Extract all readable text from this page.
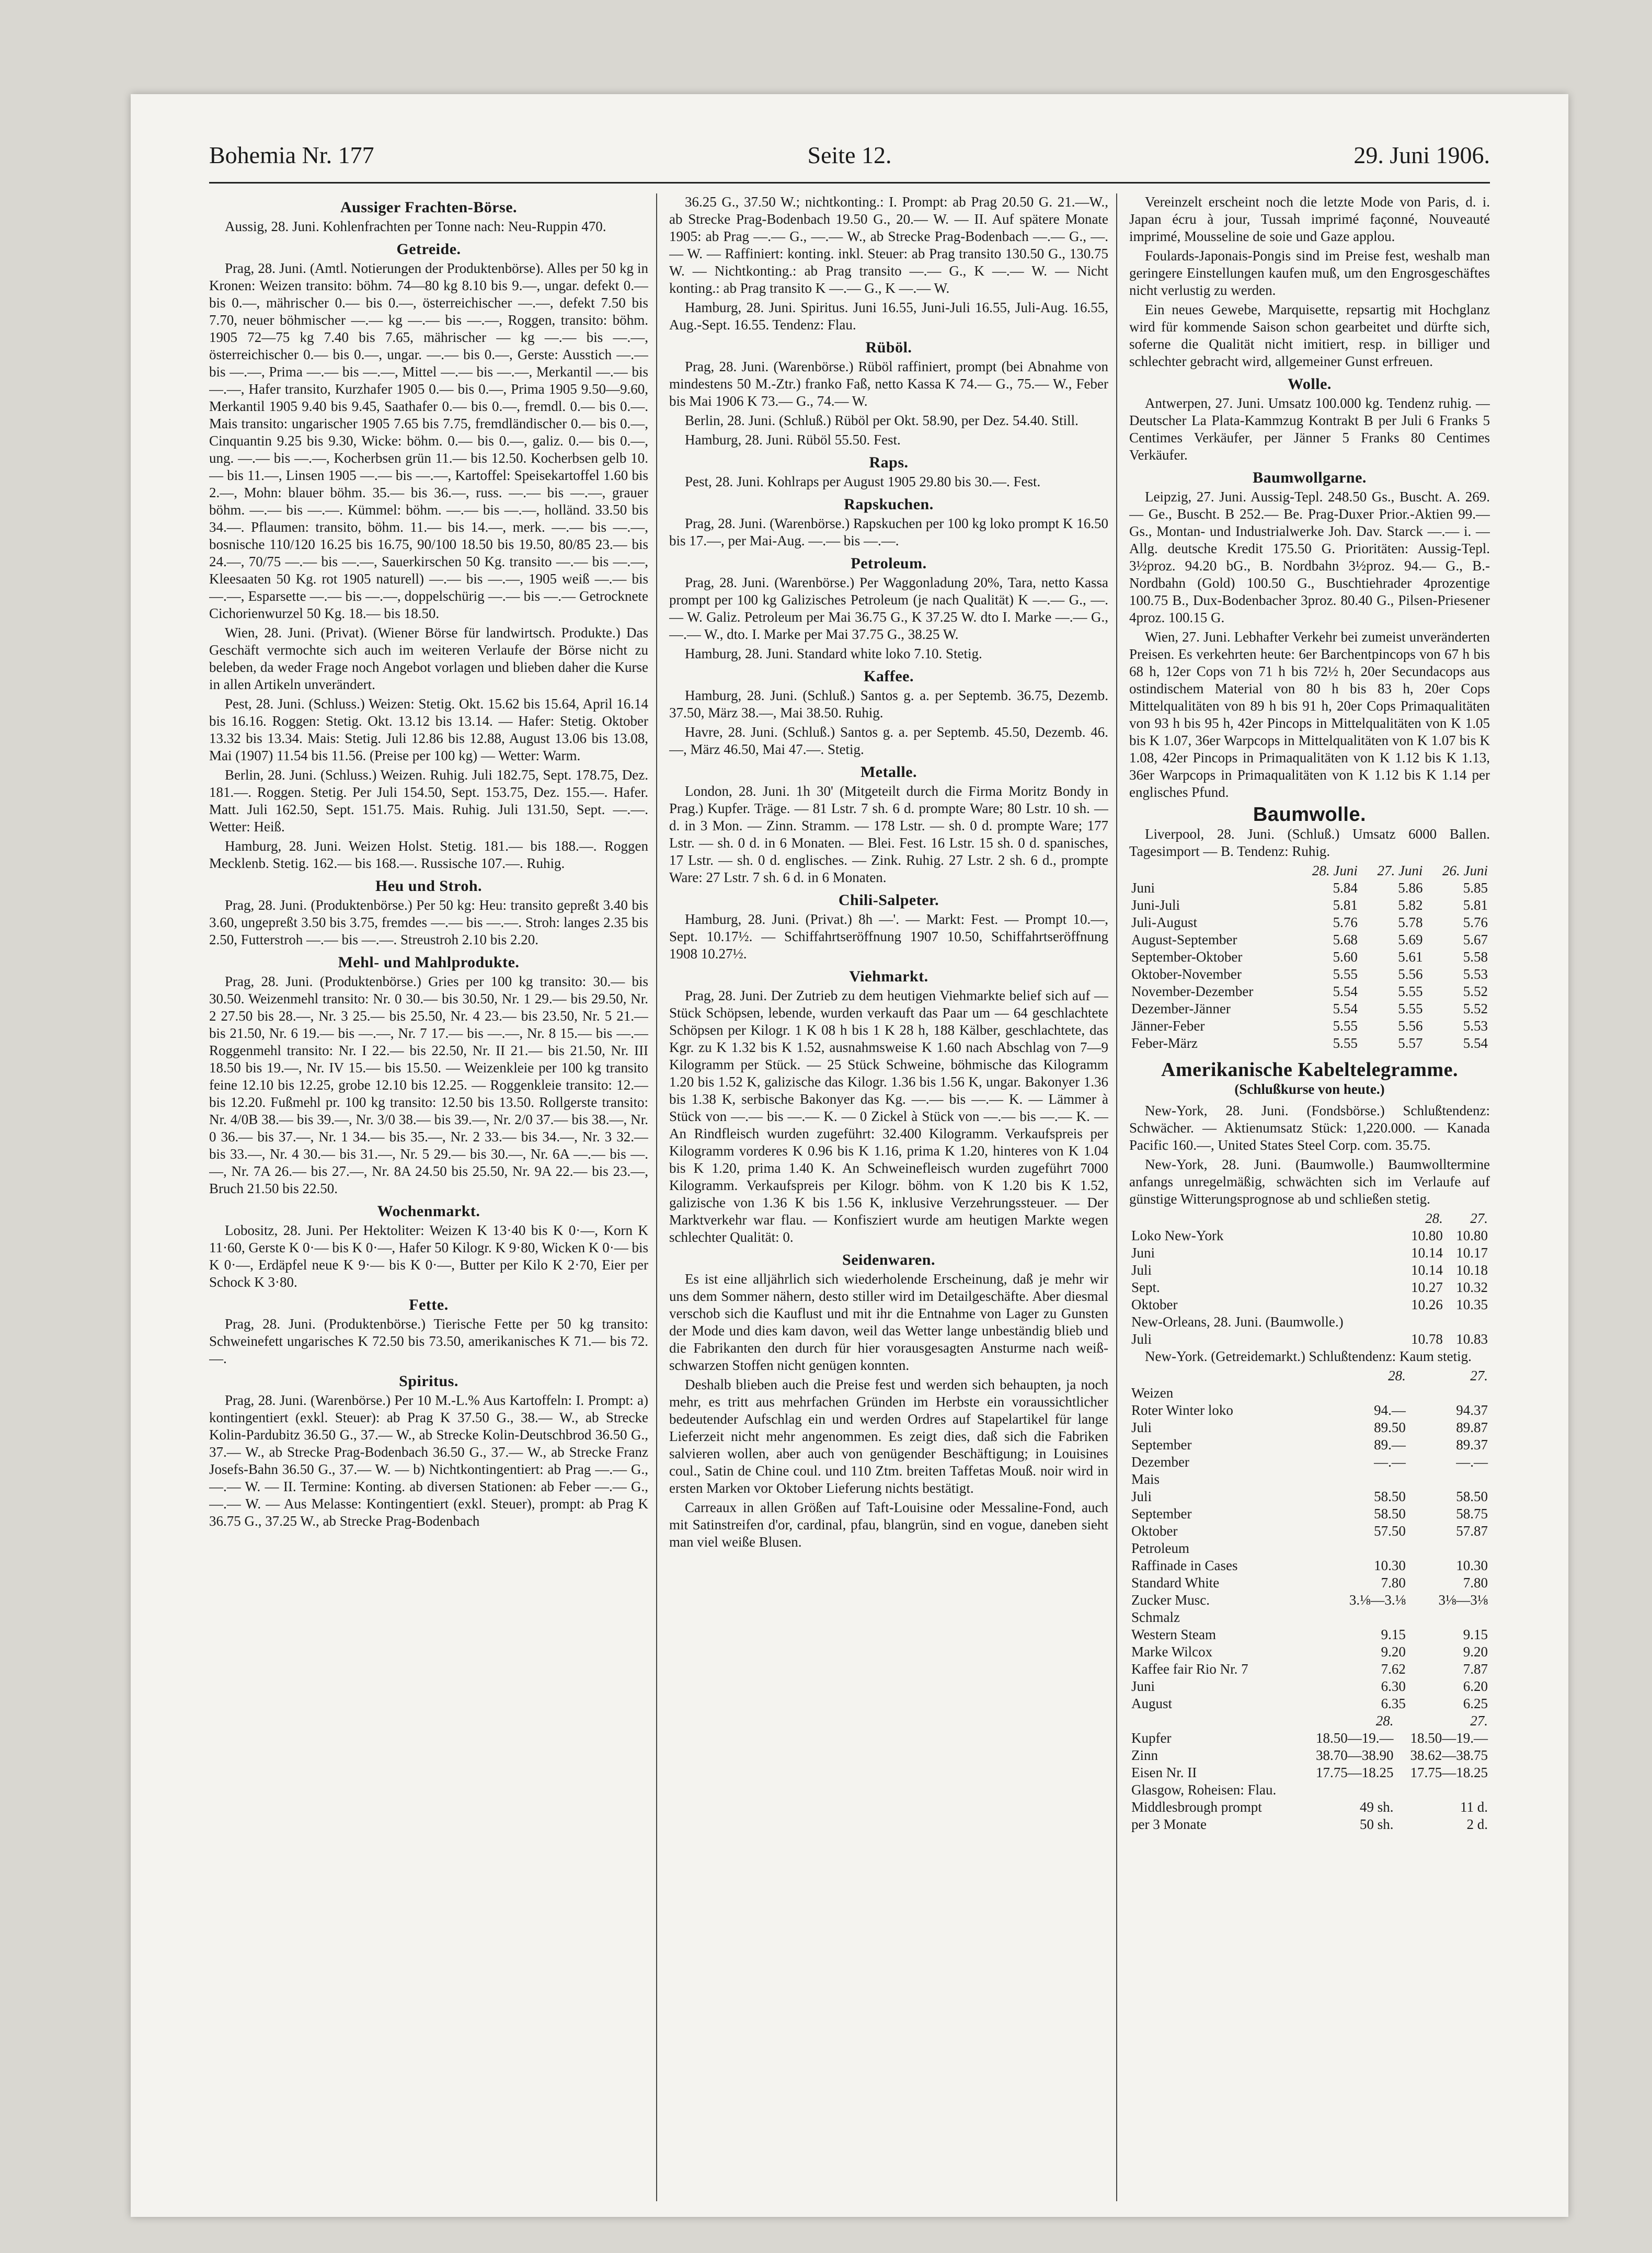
Bohemia Nr. 177	Seite 12.	29. Juni 1906.
Aussiger Frachten-Börse.

Aussig, 28. Juni. Kohlenfrachten per Tonne nach: Neu-Ruppin 470.

Getreide.

Prag, 28. Juni. (Amtl. Notierungen der Produktenbörse). Alles per 50 kg in Kronen: Weizen transito: böhm. 74—80 kg 8.10 bis 9.—, ungar. defekt 0.— bis 0.—, mährischer 0.— bis 0.—, österreichischer —.—, defekt 7.50 bis 7.70, neuer böhmischer —.— kg —.— bis —.—, Roggen, transito: böhm. 1905 72—75 kg 7.40 bis 7.65, mährischer — kg —.— bis —.—, österreichischer 0.— bis 0.—, ungar. —.— bis 0.—, Gerste: Ausstich —.— bis —.—, Prima —.— bis —.—, Mittel —.— bis —.—, Merkantil —.— bis —.—, Hafer transito, Kurzhafer 1905 0.— bis 0.—, Prima 1905 9.50—9.60, Merkantil 1905 9.40 bis 9.45, Saathafer 0.— bis 0.—, fremdl. 0.— bis 0.—. Mais transito: ungarischer 1905 7.65 bis 7.75, fremdländischer 0.— bis 0.—, Cinquantin 9.25 bis 9.30, Wicke: böhm. 0.— bis 0.—, galiz. 0.— bis 0.—, ung. —.— bis —.—, Kocherbsen grün 11.— bis 12.50. Kocherbsen gelb 10.— bis 11.—, Linsen 1905 —.— bis —.—, Kartoffel: Speisekartoffel 1.60 bis 2.—, Mohn: blauer böhm. 35.— bis 36.—, russ. —.— bis —.—, grauer böhm. —.— bis —.—. Kümmel: böhm. —.— bis —.—, holländ. 33.50 bis 34.—. Pflaumen: transito, böhm. 11.— bis 14.—, merk. —.— bis —.—, bosnische 110/120 16.25 bis 16.75, 90/100 18.50 bis 19.50, 80/85 23.— bis 24.—, 70/75 —.— bis —.—, Sauerkirschen 50 Kg. transito —.— bis —.—, Kleesaaten 50 Kg. rot 1905 naturell) —.— bis —.—, 1905 weiß —.— bis —.—, Esparsette —.— bis —.—, doppelschürig —.— bis —.— Getrocknete Cichorienwurzel 50 Kg. 18.— bis 18.50.

Wien, 28. Juni. (Privat). (Wiener Börse für landwirtsch. Produkte.) Das Geschäft vermochte sich auch im weiteren Verlaufe der Börse nicht zu beleben, da weder Frage noch Angebot vorlagen und blieben daher die Kurse in allen Artikeln unverändert.

Pest, 28. Juni. (Schluss.) Weizen: Stetig. Okt. 15.62 bis 15.64, April 16.14 bis 16.16. Roggen: Stetig. Okt. 13.12 bis 13.14. — Hafer: Stetig. Oktober 13.32 bis 13.34. Mais: Stetig. Juli 12.86 bis 12.88, August 13.06 bis 13.08, Mai (1907) 11.54 bis 11.56. (Preise per 100 kg) — Wetter: Warm.

Berlin, 28. Juni. (Schluss.) Weizen. Ruhig. Juli 182.75, Sept. 178.75, Dez. 181.—. Roggen. Stetig. Per Juli 154.50, Sept. 153.75, Dez. 155.—. Hafer. Matt. Juli 162.50, Sept. 151.75. Mais. Ruhig. Juli 131.50, Sept. —.—. Wetter: Heiß.

Hamburg, 28. Juni. Weizen Holst. Stetig. 181.— bis 188.—. Roggen Mecklenb. Stetig. 162.— bis 168.—. Russische 107.—. Ruhig.

Heu und Stroh.

Prag, 28. Juni. (Produktenbörse.) Per 50 kg: Heu: transito gepreßt 3.40 bis 3.60, ungepreßt 3.50 bis 3.75, fremdes —.— bis —.—. Stroh: langes 2.35 bis 2.50, Futterstroh —.— bis —.—. Streustroh 2.10 bis 2.20.

Mehl- und Mahlprodukte.

Prag, 28. Juni. (Produktenbörse.) Gries per 100 kg transito: 30.— bis 30.50. Weizenmehl transito: Nr. 0 30.— bis 30.50, Nr. 1 29.— bis 29.50, Nr. 2 27.50 bis 28.—, Nr. 3 25.— bis 25.50, Nr. 4 23.— bis 23.50, Nr. 5 21.— bis 21.50, Nr. 6 19.— bis —.—, Nr. 7 17.— bis —.—, Nr. 8 15.— bis —.— Roggenmehl transito: Nr. I 22.— bis 22.50, Nr. II 21.— bis 21.50, Nr. III 18.50 bis 19.—, Nr. IV 15.— bis 15.50. — Weizenkleie per 100 kg transito feine 12.10 bis 12.25, grobe 12.10 bis 12.25. — Roggenkleie transito: 12.— bis 12.20. Fußmehl pr. 100 kg transito: 12.50 bis 13.50. Rollgerste transito: Nr. 4/0B 38.— bis 39.—, Nr. 3/0 38.— bis 39.—, Nr. 2/0 37.— bis 38.—, Nr. 0 36.— bis 37.—, Nr. 1 34.— bis 35.—, Nr. 2 33.— bis 34.—, Nr. 3 32.— bis 33.—, Nr. 4 30.— bis 31.—, Nr. 5 29.— bis 30.—, Nr. 6A —.— bis —.—, Nr. 7A 26.— bis 27.—, Nr. 8A 24.50 bis 25.50, Nr. 9A 22.— bis 23.—, Bruch 21.50 bis 22.50.

Wochenmarkt.

Lobositz, 28. Juni. Per Hektoliter: Weizen K 13·40 bis K 0·—, Korn K 11·60, Gerste K 0·— bis K 0·—, Hafer 50 Kilogr. K 9·80, Wicken K 0·— bis K 0·—, Erdäpfel neue K 9·— bis K 0·—, Butter per Kilo K 2·70, Eier per Schock K 3·80.

Fette.

Prag, 28. Juni. (Produktenbörse.) Tierische Fette per 50 kg transito: Schweinefett ungarisches K 72.50 bis 73.50, amerikanisches K 71.— bis 72.—.

Spiritus.

Prag, 28. Juni. (Warenbörse.) Per 10 M.-L.% Aus Kartoffeln: I. Prompt: a) kontingentiert (exkl. Steuer): ab Prag K 37.50 G., 38.— W., ab Strecke Kolin-Pardubitz 36.50 G., 37.— W., ab Strecke Kolin-Deutschbrod 36.50 G., 37.— W., ab Strecke Prag-Bodenbach 36.50 G., 37.— W., ab Strecke Franz Josefs-Bahn 36.50 G., 37.— W. — b) Nichtkontingentiert: ab Prag —.— G., —.— W. — II. Termine: Konting. ab diversen Stationen: ab Feber —.— G., —.— W. — Aus Melasse: Kontingentiert (exkl. Steuer), prompt: ab Prag K 36.75 G., 37.25 W., ab Strecke Prag-Bodenbach

36.25 G., 37.50 W.; nichtkonting.: I. Prompt: ab Prag 20.50 G. 21.—W., ab Strecke Prag-Bodenbach 19.50 G., 20.— W. — II. Auf spätere Monate 1905: ab Prag —.— G., —.— W., ab Strecke Prag-Bodenbach —.— G., —.— W. — Raffiniert: konting. inkl. Steuer: ab Prag transito 130.50 G., 130.75 W. — Nichtkonting.: ab Prag transito —.— G., K —.— W. — Nicht konting.: ab Prag transito K —.— G., K —.— W.

Hamburg, 28. Juni. Spiritus. Juni 16.55, Juni-Juli 16.55, Juli-Aug. 16.55, Aug.-Sept. 16.55. Tendenz: Flau.

Rüböl.

Prag, 28. Juni. (Warenbörse.) Rüböl raffiniert, prompt (bei Abnahme von mindestens 50 M.-Ztr.) franko Faß, netto Kassa K 74.— G., 75.— W., Feber bis Mai 1906 K 73.— G., 74.— W.

Berlin, 28. Juni. (Schluß.) Rüböl per Okt. 58.90, per Dez. 54.40. Still.

Hamburg, 28. Juni. Rüböl 55.50. Fest.

Raps.

Pest, 28. Juni. Kohlraps per August 1905 29.80 bis 30.—. Fest.

Rapskuchen.

Prag, 28. Juni. (Warenbörse.) Rapskuchen per 100 kg loko prompt K 16.50 bis 17.—, per Mai-Aug. —.— bis —.—.

Petroleum.

Prag, 28. Juni. (Warenbörse.) Per Waggonladung 20%, Tara, netto Kassa prompt per 100 kg Galizisches Petroleum (je nach Qualität) K —.— G., —.— W. Galiz. Petroleum per Mai 36.75 G., K 37.25 W. dto I. Marke —.— G., —.— W., dto. I. Marke per Mai 37.75 G., 38.25 W.

Hamburg, 28. Juni. Standard white loko 7.10. Stetig.

Kaffee.

Hamburg, 28. Juni. (Schluß.) Santos g. a. per Septemb. 36.75, Dezemb. 37.50, März 38.—, Mai 38.50. Ruhig.

Havre, 28. Juni. (Schluß.) Santos g. a. per Septemb. 45.50, Dezemb. 46.—, März 46.50, Mai 47.—. Stetig.

Metalle.

London, 28. Juni. 1h 30' (Mitgeteilt durch die Firma Moritz Bondy in Prag.) Kupfer. Träge. — 81 Lstr. 7 sh. 6 d. prompte Ware; 80 Lstr. 10 sh. — d. in 3 Mon. — Zinn. Stramm. — 178 Lstr. — sh. 0 d. prompte Ware; 177 Lstr. — sh. 0 d. in 6 Monaten. — Blei. Fest. 16 Lstr. 15 sh. 0 d. spanisches, 17 Lstr. — sh. 0 d. englisches. — Zink. Ruhig. 27 Lstr. 2 sh. 6 d., prompte Ware: 27 Lstr. 7 sh. 6 d. in 6 Monaten.

Chili-Salpeter.

Hamburg, 28. Juni. (Privat.) 8h —'. — Markt: Fest. — Prompt 10.—, Sept. 10.17½. — Schiffahrtseröffnung 1907 10.50, Schiffahrtseröffnung 1908 10.27½.

Viehmarkt.

Prag, 28. Juni. Der Zutrieb zu dem heutigen Viehmarkte belief sich auf — Stück Schöpsen, lebende, wurden verkauft das Paar um — 64 geschlachtete Schöpsen per Kilogr. 1 K 08 h bis 1 K 28 h, 188 Kälber, geschlachtete, das Kgr. zu K 1.32 bis K 1.52, ausnahmsweise K 1.60 nach Abschlag von 7—9 Kilogramm per Stück. — 25 Stück Schweine, böhmische das Kilogramm 1.20 bis 1.52 K, galizische das Kilogr. 1.36 bis 1.56 K, ungar. Bakonyer 1.36 bis 1.38 K, serbische Bakonyer das Kg. —.— bis —.— K. — Lämmer à Stück von —.— bis —.— K. — 0 Zickel à Stück von —.— bis —.— K. — An Rindfleisch wurden zugeführt: 32.400 Kilogramm. Verkaufspreis per Kilogramm vorderes K 0.96 bis K 1.16, prima K 1.20, hinteres von K 1.04 bis K 1.20, prima 1.40 K. An Schweinefleisch wurden zugeführt 7000 Kilogramm. Verkaufspreis per Kilogr. böhm. von K 1.20 bis K 1.52, galizische von 1.36 K bis 1.56 K, inklusive Verzehrungssteuer. — Der Marktverkehr war flau. — Konfisziert wurde am heutigen Markte wegen schlechter Qualität: 0.

Seidenwaren.

Es ist eine alljährlich sich wiederholende Erscheinung, daß je mehr wir uns dem Sommer nähern, desto stiller wird im Detailgeschäfte. Aber diesmal verschob sich die Kauflust und mit ihr die Entnahme von Lager zu Gunsten der Mode und dies kam davon, weil das Wetter lange unbeständig blieb und die Fabrikanten den durch für hier vorausgesagten Ansturme nach weiß-schwarzen Stoffen nicht genügen konnten.

Deshalb blieben auch die Preise fest und werden sich behaupten, ja noch mehr, es tritt aus mehrfachen Gründen im Herbste ein voraussichtlicher bedeutender Aufschlag ein und werden Ordres auf Stapelartikel für lange Lieferzeit nicht mehr angenommen. Es zeigt dies, daß sich die Fabriken salvieren wollen, aber auch von genügender Beschäftigung; in Louisines coul., Satin de Chine coul. und 110 Ztm. breiten Taffetas Mouß. noir wird in ersten Marken vor Oktober Lieferung nichts bestätigt.

Carreaux in allen Größen auf Taft-Louisine oder Messaline-Fond, auch mit Satinstreifen d'or, cardinal, pfau, blangrün, sind en vogue, daneben sieht man viel weiße Blusen.

Vereinzelt erscheint noch die letzte Mode von Paris, d. i. Japan écru à jour, Tussah imprimé façonné, Nouveauté imprimé, Mousseline de soie und Gaze applou.

Foulards-Japonais-Pongis sind im Preise fest, weshalb man geringere Einstellungen kaufen muß, um den Engrosgeschäftes nicht verlustig zu werden.

Ein neues Gewebe, Marquisette, repsartig mit Hochglanz wird für kommende Saison schon gearbeitet und dürfte sich, soferne die Qualität nicht imitiert, resp. in billiger und schlechter gebracht wird, allgemeiner Gunst erfreuen.

Wolle.

Antwerpen, 27. Juni. Umsatz 100.000 kg. Tendenz ruhig. — Deutscher La Plata-Kammzug Kontrakt B per Juli 6 Franks 5 Centimes Verkäufer, per Jänner 5 Franks 80 Centimes Verkäufer.

Baumwollgarne.

Leipzig, 27. Juni. Aussig-Tepl. 248.50 Gs., Buscht. A. 269.— Ge., Buscht. B 252.— Be. Prag-Duxer Prior.-Aktien 99.— Gs., Montan- und Industrialwerke Joh. Dav. Starck —.— i. — Allg. deutsche Kredit 175.50 G. Prioritäten: Aussig-Tepl. 3½proz. 94.20 bG., B. Nordbahn 3½proz. 94.— G., B.-Nordbahn (Gold) 100.50 G., Buschtiehrader 4prozentige 100.75 B., Dux-Bodenbacher 3proz. 80.40 G., Pilsen-Priesener 4proz. 100.15 G.

Wien, 27. Juni. Lebhafter Verkehr bei zumeist unveränderten Preisen. Es verkehrten heute: 6er Barchentpincops von 67 h bis 68 h, 12er Cops von 71 h bis 72½ h, 20er Secundacops aus ostindischem Material von 80 h bis 83 h, 20er Cops Mittelqualitäten von 89 h bis 91 h, 20er Cops Primaqualitäten von 93 h bis 95 h, 42er Pincops in Mittelqualitäten von K 1.05 bis K 1.07, 36er Warpcops in Mittelqualitäten von K 1.07 bis K 1.08, 42er Pincops in Primaqualitäten von K 1.12 bis K 1.13, 36er Warpcops in Primaqualitäten von K 1.12 bis K 1.14 per englisches Pfund.

Baumwolle.

Liverpool, 28. Juni. (Schluß.) Umsatz 6000 Ballen. Tagesimport — B. Tendenz: Ruhig.

	28. Juni	27. Juni	26. Juni
Juni	5.84	5.86	5.85
Juni-Juli	5.81	5.82	5.81
Juli-August	5.76	5.78	5.76
August-September	5.68	5.69	5.67
September-Oktober	5.60	5.61	5.58
Oktober-November	5.55	5.56	5.53
November-Dezember	5.54	5.55	5.52
Dezember-Jänner	5.54	5.55	5.52
Jänner-Feber	5.55	5.56	5.53
Feber-März	5.55	5.57	5.54
Amerikanische Kabeltelegramme.
(Schlußkurse von heute.)

New-York, 28. Juni. (Fondsbörse.) Schlußtendenz: Schwächer. — Aktienumsatz Stück: 1,220.000. — Kanada Pacific 160.—, United States Steel Corp. com. 35.75.

New-York, 28. Juni. (Baumwolle.) Baumwolltermine anfangs unregelmäßig, schwächten sich im Verlaufe auf günstige Witterungsprognose ab und schließen stetig.

	28.	27.
Loko New-York	10.80	10.80
Juni	10.14	10.17
Juli	10.14	10.18
Sept.	10.27	10.32
Oktober	10.26	10.35
New-Orleans, 28. Juni. (Baumwolle.)		
Juli	10.78	10.83

New-York. (Getreidemarkt.) Schlußtendenz: Kaum stetig.

	28.	27.
Weizen		
Roter Winter loko	94.—	94.37
Juli	89.50	89.87
September	89.—	89.37
Dezember	—.—	—.—
Mais		
Juli	58.50	58.50
September	58.50	58.75
Oktober	57.50	57.87
Petroleum		
Raffinade in Cases	10.30	10.30
Standard White	7.80	7.80
Zucker Musc.	3.⅛—3.⅛	3⅛—3⅛
Schmalz		
Western Steam	9.15	9.15
Marke Wilcox	9.20	9.20
Kaffee fair Rio Nr. 7	7.62	7.87
Juni	6.30	6.20
August	6.35	6.25
	28.	27.
Kupfer	18.50—19.—	18.50—19.—
Zinn	38.70—38.90	38.62—38.75
Eisen Nr. II	17.75—18.25	17.75—18.25
Glasgow, Roheisen: Flau.		
Middlesbrough prompt	49 sh.	11 d.
per 3 Monate	50 sh.	2 d.
